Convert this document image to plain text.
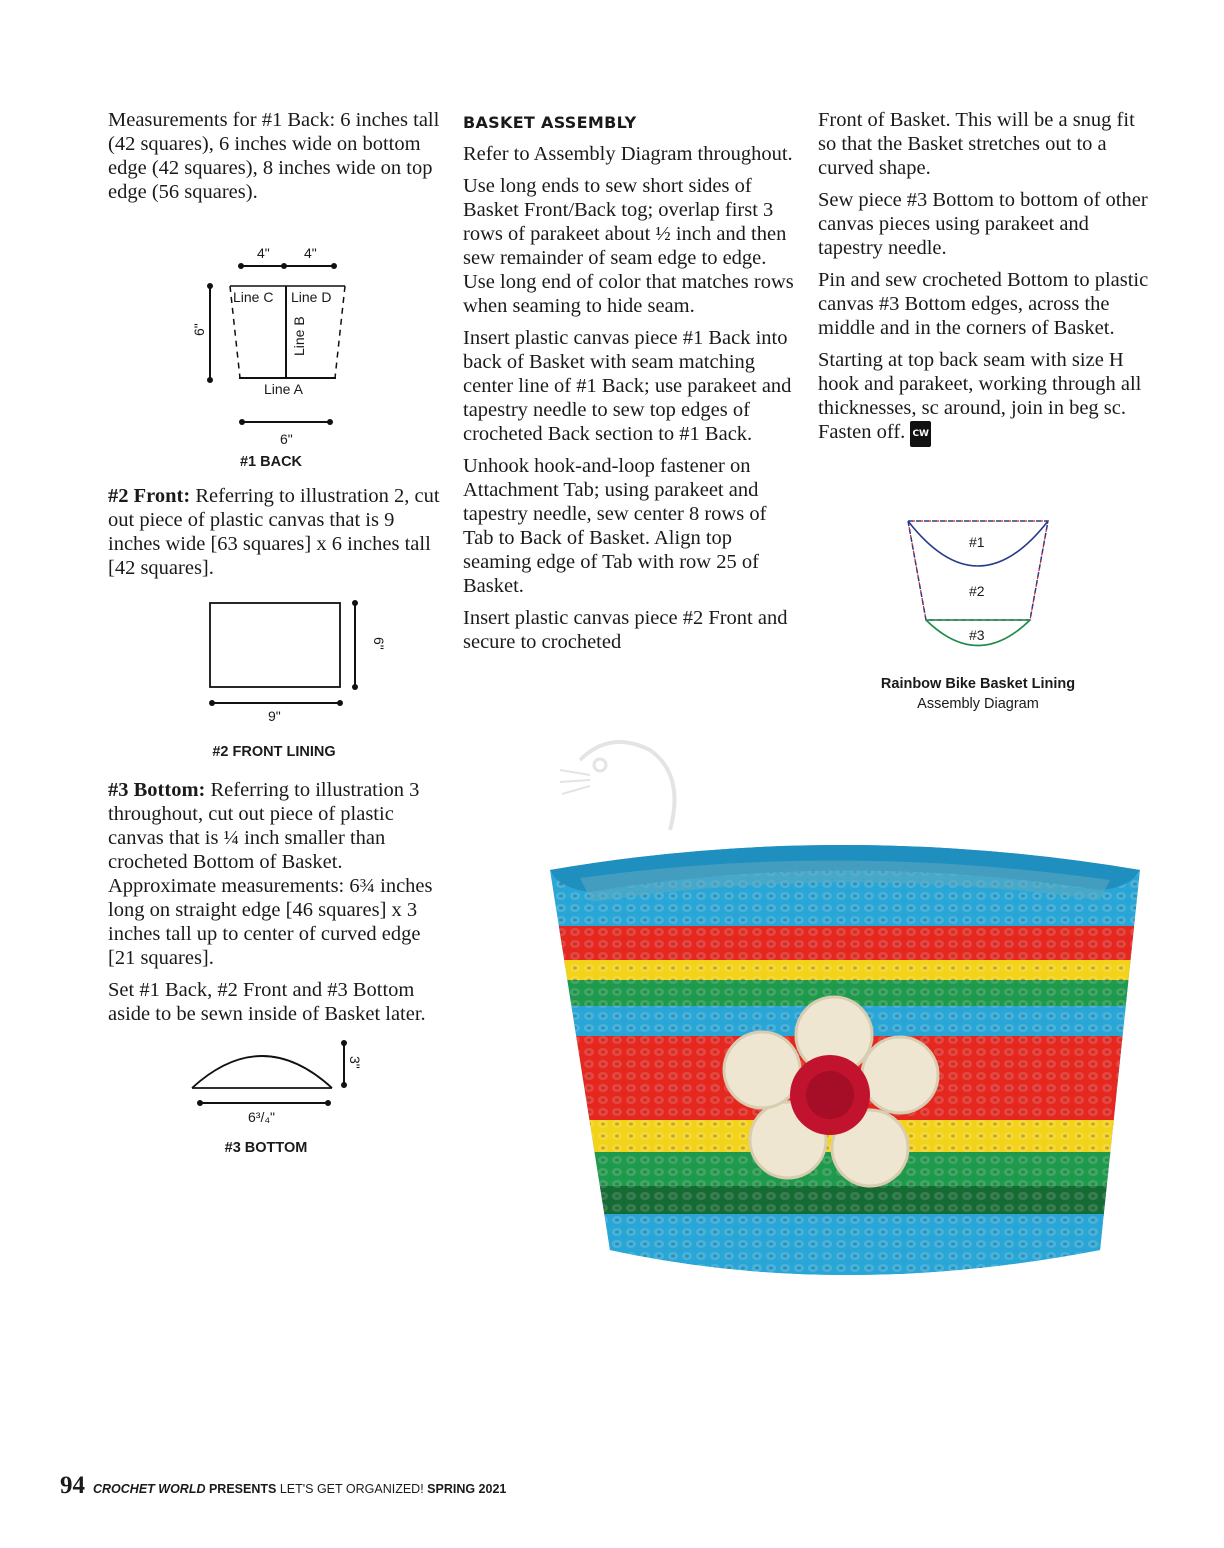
Measurements for #1 Back: 6 inches tall (42 squares), 6 inches wide on bottom edge (42 squares), 8 inches wide on top edge (56 squares).

4" 4"
6"
Line C Line D
Line B
Line A
6"
#1 BACK

#2 Front: Referring to illustration 2, cut out piece of plastic canvas that is 9 inches wide [63 squares] x 6 inches tall [42 squares].

6"
9"
#2 FRONT LINING

#3 Bottom: Referring to illustration 3 throughout, cut out piece of plastic canvas that is ¼ inch smaller than crocheted Bottom of Basket. Approximate measurements: 6¾ inches long on straight edge [46 squares] x 3 inches tall up to center of curved edge [21 squares].

Set #1 Back, #2 Front and #3 Bottom aside to be sewn inside of Basket later.

3"
6³/₄"
#3 BOTTOM
BASKET ASSEMBLY

Refer to Assembly Diagram throughout.

Use long ends to sew short sides of Basket Front/Back tog; overlap first 3 rows of parakeet about ½ inch and then sew remainder of seam edge to edge. Use long end of color that matches rows when seaming to hide seam.

Insert plastic canvas piece #1 Back into back of Basket with seam matching center line of #1 Back; use parakeet and tapestry needle to sew top edges of crocheted Back section to #1 Back.

Unhook hook-and-loop fastener on Attachment Tab; using parakeet and tapestry needle, sew center 8 rows of Tab to Back of Basket. Align top seaming edge of Tab with row 25 of Basket.

Insert plastic canvas piece #2 Front and secure to crocheted

Front of Basket. This will be a snug fit so that the Basket stretches out to a curved shape.

Sew piece #3 Bottom to bottom of other canvas pieces using parakeet and tapestry needle.

Pin and sew crocheted Bottom to plastic canvas #3 Bottom edges, across the middle and in the corners of Basket.

Starting at top back seam with size H hook and parakeet, working through all thicknesses, sc around, join in beg sc. Fasten off. CW

#1
#2
#3
Rainbow Bike Basket Lining
Assembly Diagram
94 CROCHET WORLD PRESENTS LET'S GET ORGANIZED! SPRING 2021
